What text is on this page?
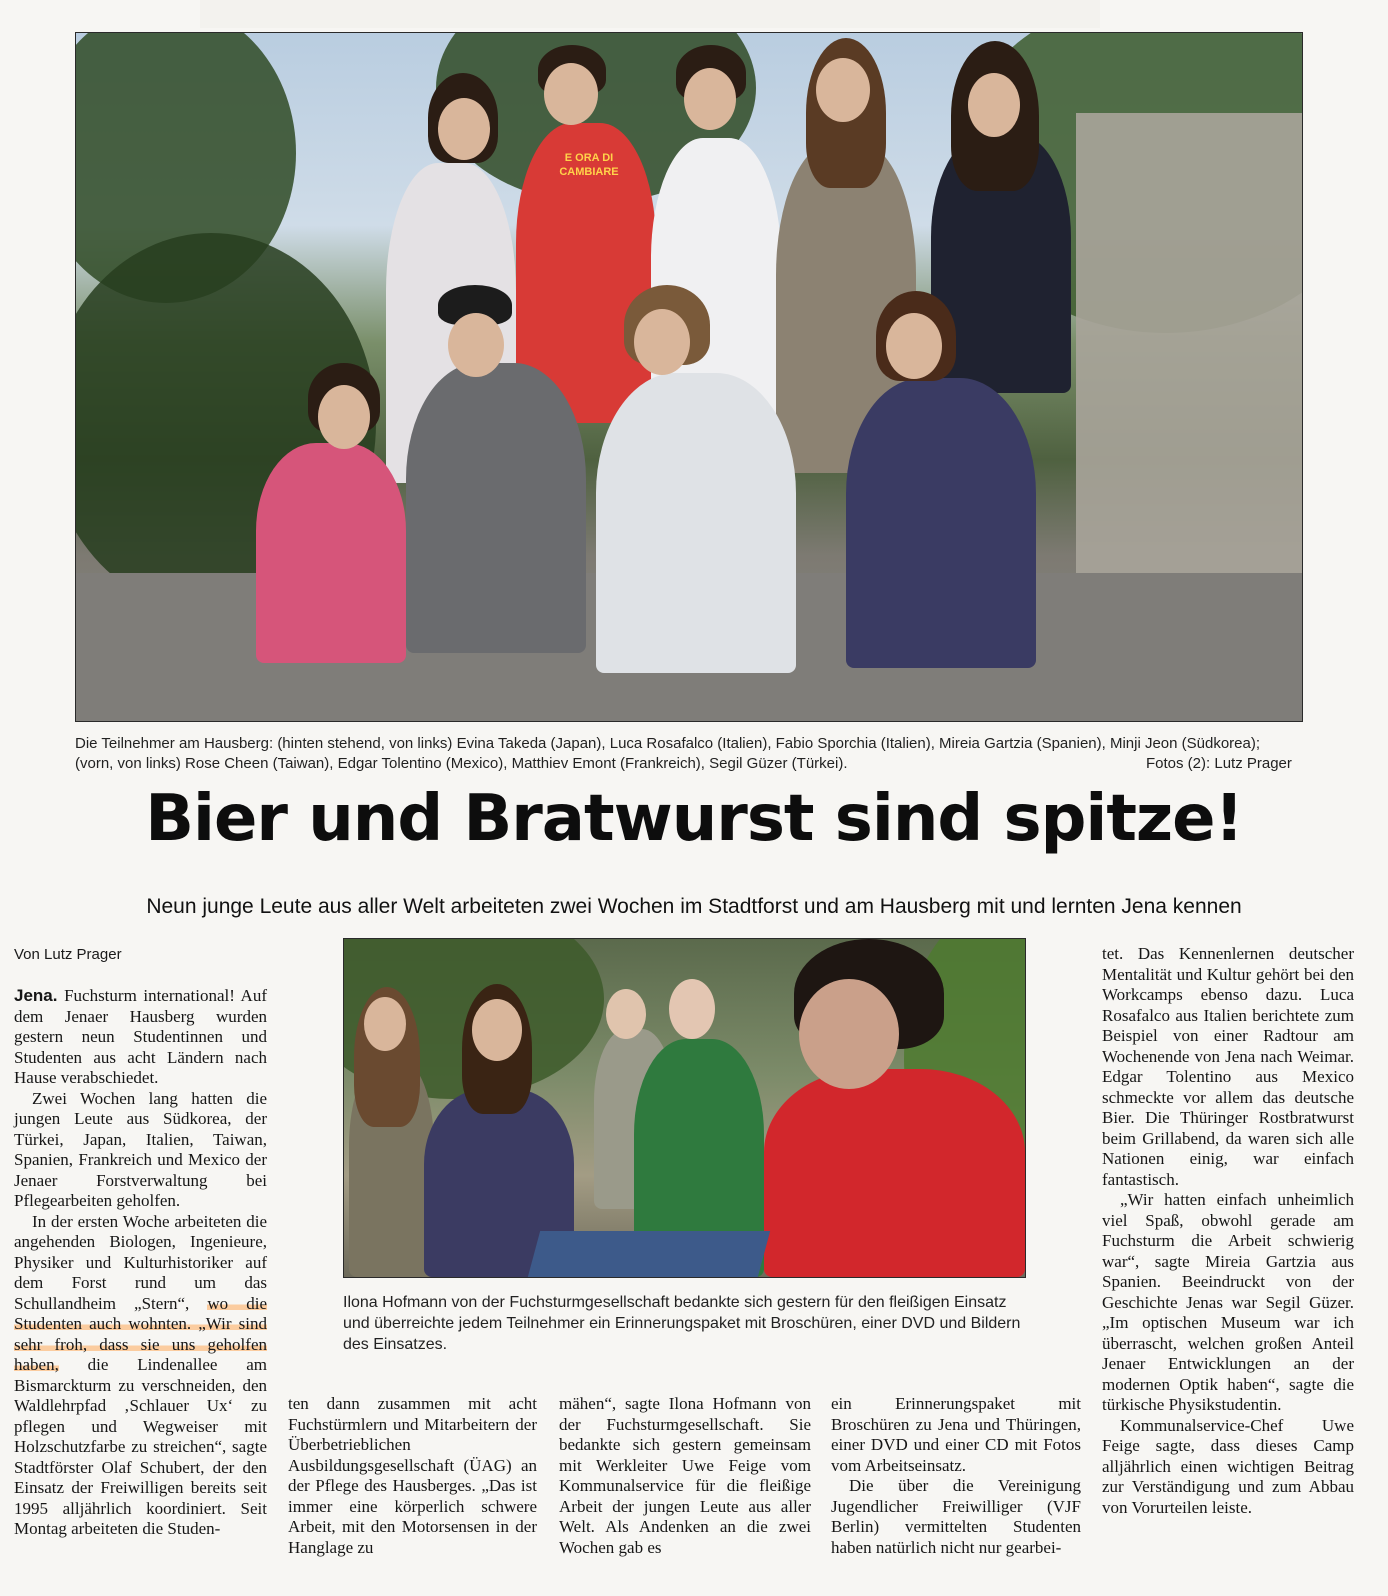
E ORA DI CAMBIARE
Die Teilnehmer am Hausberg: (hinten stehend, von links) Evina Takeda (Japan), Luca Rosafalco (Italien), Fabio Sporchia (Italien), Mireia Gartzia (Spanien), Minji Jeon (Südkorea); (vorn, von links) Rose Cheen (Taiwan), Edgar Tolentino (Mexico), Matthiev Emont (Frankreich), Segil Güzer (Türkei).	Fotos (2): Lutz Prager
Bier und Bratwurst sind spitze!
Neun junge Leute aus aller Welt arbeiteten zwei Wochen im Stadtforst und am Hausberg mit und lernten Jena kennen
Von Lutz Prager
Ilona Hofmann von der Fuchsturmgesellschaft bedankte sich gestern für den fleißigen Einsatz und überreichte jedem Teilnehmer ein Erinnerungspaket mit Broschüren, einer DVD und Bildern des Einsatzes.

Jena. Fuchsturm international! Auf dem Jenaer Hausberg wurden gestern neun Studentinnen und Studenten aus acht Ländern nach Hause verabschiedet.

Zwei Wochen lang hatten die jungen Leute aus Südkorea, der Türkei, Japan, Italien, Taiwan, Spanien, Frankreich und Mexico der Jenaer Forstverwaltung bei Pflegearbeiten geholfen.

In der ersten Woche arbeiteten die angehenden Biologen, Ingenieure, Physiker und Kulturhistoriker auf dem Forst rund um das Schullandheim „Stern“, wo die Studenten auch wohnten. „Wir sind sehr froh, dass sie uns geholfen haben, die Lindenallee am Bismarckturm zu verschneiden, den Waldlehrpfad ‚Schlauer Ux‘ zu pflegen und Wegweiser mit Holzschutzfarbe zu streichen“, sagte Stadtförster Olaf Schubert, der den Einsatz der Freiwilligen bereits seit 1995 alljährlich koordiniert. Seit Montag arbeiteten die Studen-

ten dann zusammen mit acht Fuchstürmlern und Mitarbeitern der Überbetrieblichen Ausbildungsgesellschaft (ÜAG) an der Pflege des Hausberges. „Das ist immer eine körperlich schwere Arbeit, mit den Motorsensen in der Hanglage zu

mähen“, sagte Ilona Hofmann von der Fuchsturmgesellschaft. Sie bedankte sich gestern gemeinsam mit Werkleiter Uwe Feige vom Kommunalservice für die fleißige Arbeit der jungen Leute aus aller Welt. Als Andenken an die zwei Wochen gab es

ein Erinnerungspaket mit Broschüren zu Jena und Thüringen, einer DVD und einer CD mit Fotos vom Arbeitseinsatz.

Die über die Vereinigung Jugendlicher Freiwilliger (VJF Berlin) vermittelten Studenten haben natürlich nicht nur gearbei-

tet. Das Kennenlernen deutscher Mentalität und Kultur gehört bei den Workcamps ebenso dazu. Luca Rosafalco aus Italien berichtete zum Beispiel von einer Radtour am Wochenende von Jena nach Weimar. Edgar Tolentino aus Mexico schmeckte vor allem das deutsche Bier. Die Thüringer Rostbratwurst beim Grillabend, da waren sich alle Nationen einig, war einfach fantastisch.

„Wir hatten einfach unheimlich viel Spaß, obwohl gerade am Fuchsturm die Arbeit schwierig war“, sagte Mireia Gartzia aus Spanien. Beeindruckt von der Geschichte Jenas war Segil Güzer. „Im optischen Museum war ich überrascht, welchen großen Anteil Jenaer Entwicklungen an der modernen Optik haben“, sagte die türkische Physikstudentin.

Kommunalservice-Chef Uwe Feige sagte, dass dieses Camp alljährlich einen wichtigen Beitrag zur Verständigung und zum Abbau von Vorurteilen leiste.
